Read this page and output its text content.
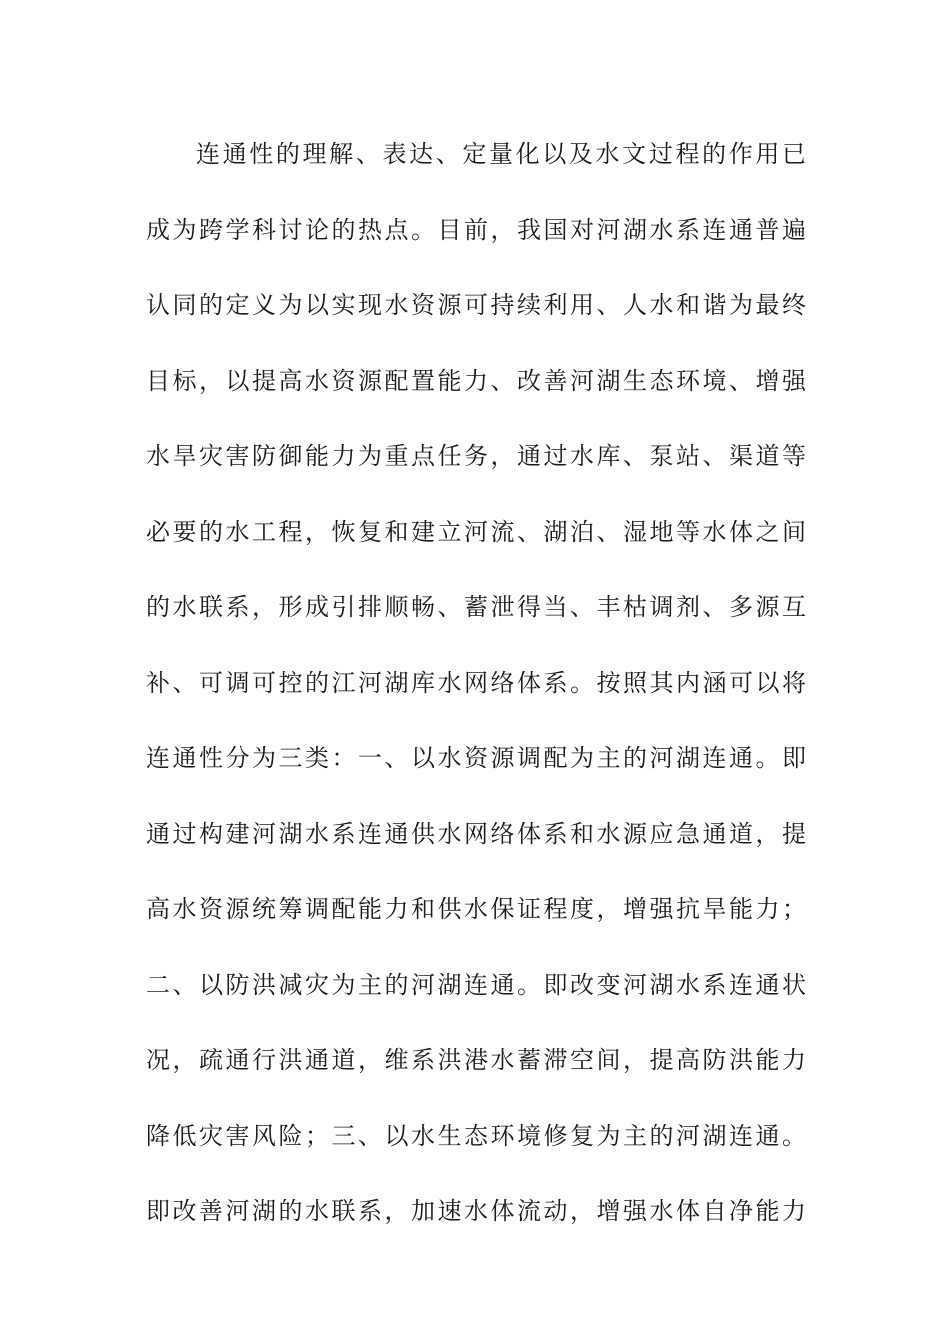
连通性的理解、表达、定量化以及水文过程的作用已
成为跨学科讨论的热点。目前，我国对河湖水系连通普遍
认同的定义为以实现水资源可持续利用、人水和谐为最终
目标，以提高水资源配置能力、改善河湖生态环境、增强
水旱灾害防御能力为重点任务，通过水库、泵站、渠道等
必要的水工程，恢复和建立河流、湖泊、湿地等水体之间
的水联系，形成引排顺畅、蓄泄得当、丰枯调剂、多源互
补、可调可控的江河湖库水网络体系。按照其内涵可以将
连通性分为三类：一、以水资源调配为主的河湖连通。即
通过构建河湖水系连通供水网络体系和水源应急通道，提
高水资源统筹调配能力和供水保证程度，增强抗旱能力；
二、以防洪减灾为主的河湖连通。即改变河湖水系连通状
况，疏通行洪通道，维系洪港水蓄滞空间，提高防洪能力
降低灾害风险；三、以水生态环境修复为主的河湖连通。
即改善河湖的水联系，加速水体流动，增强水体自净能力
